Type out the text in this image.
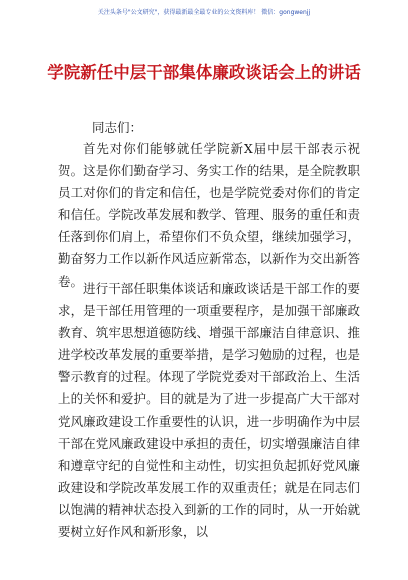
关注头条号"公文研究"，获得最新最全最专业的公文资料库！ 微信：gongwenjj
学院新任中层干部集体廉政谈话会上的讲话
同志们：

首先对你们能够就任学院新X届中层干部表示祝贺。这是你们勤奋学习、务实工作的结果，是全院教职员工对你们的肯定和信任，也是学院党委对你们的肯定和信任。学院改革发展和教学、管理、服务的重任和责任落到你们肩上，希望你们不负众望，继续加强学习，勤奋努力工作以新作风适应新常态，以新作为交出新答卷。 进行干部任职集体谈话和廉政谈话是干部工作的要求，是干部任用管理的一项重要程序，是加强干部廉政教育、筑牢思想道德防线、增强干部廉洁自律意识、推进学校改革发展的重要举措，是学习勉励的过程，也是警示教育的过程。体现了学院党委对干部政治上、生活上的关怀和爱护。目的就是为了进一步提高广大干部对党风廉政建设工作重要性的认识，进一步明确作为中层干部在党风廉政建设中承担的责任，切实增强廉洁自律和遵章守纪的自觉性和主动性，切实担负起抓好党风廉政建设和学院改革发展工作的双重责任；就是在同志们以饱满的精神状态投入到新的工作的同时，从一开始就要树立好作风和新形象，以
